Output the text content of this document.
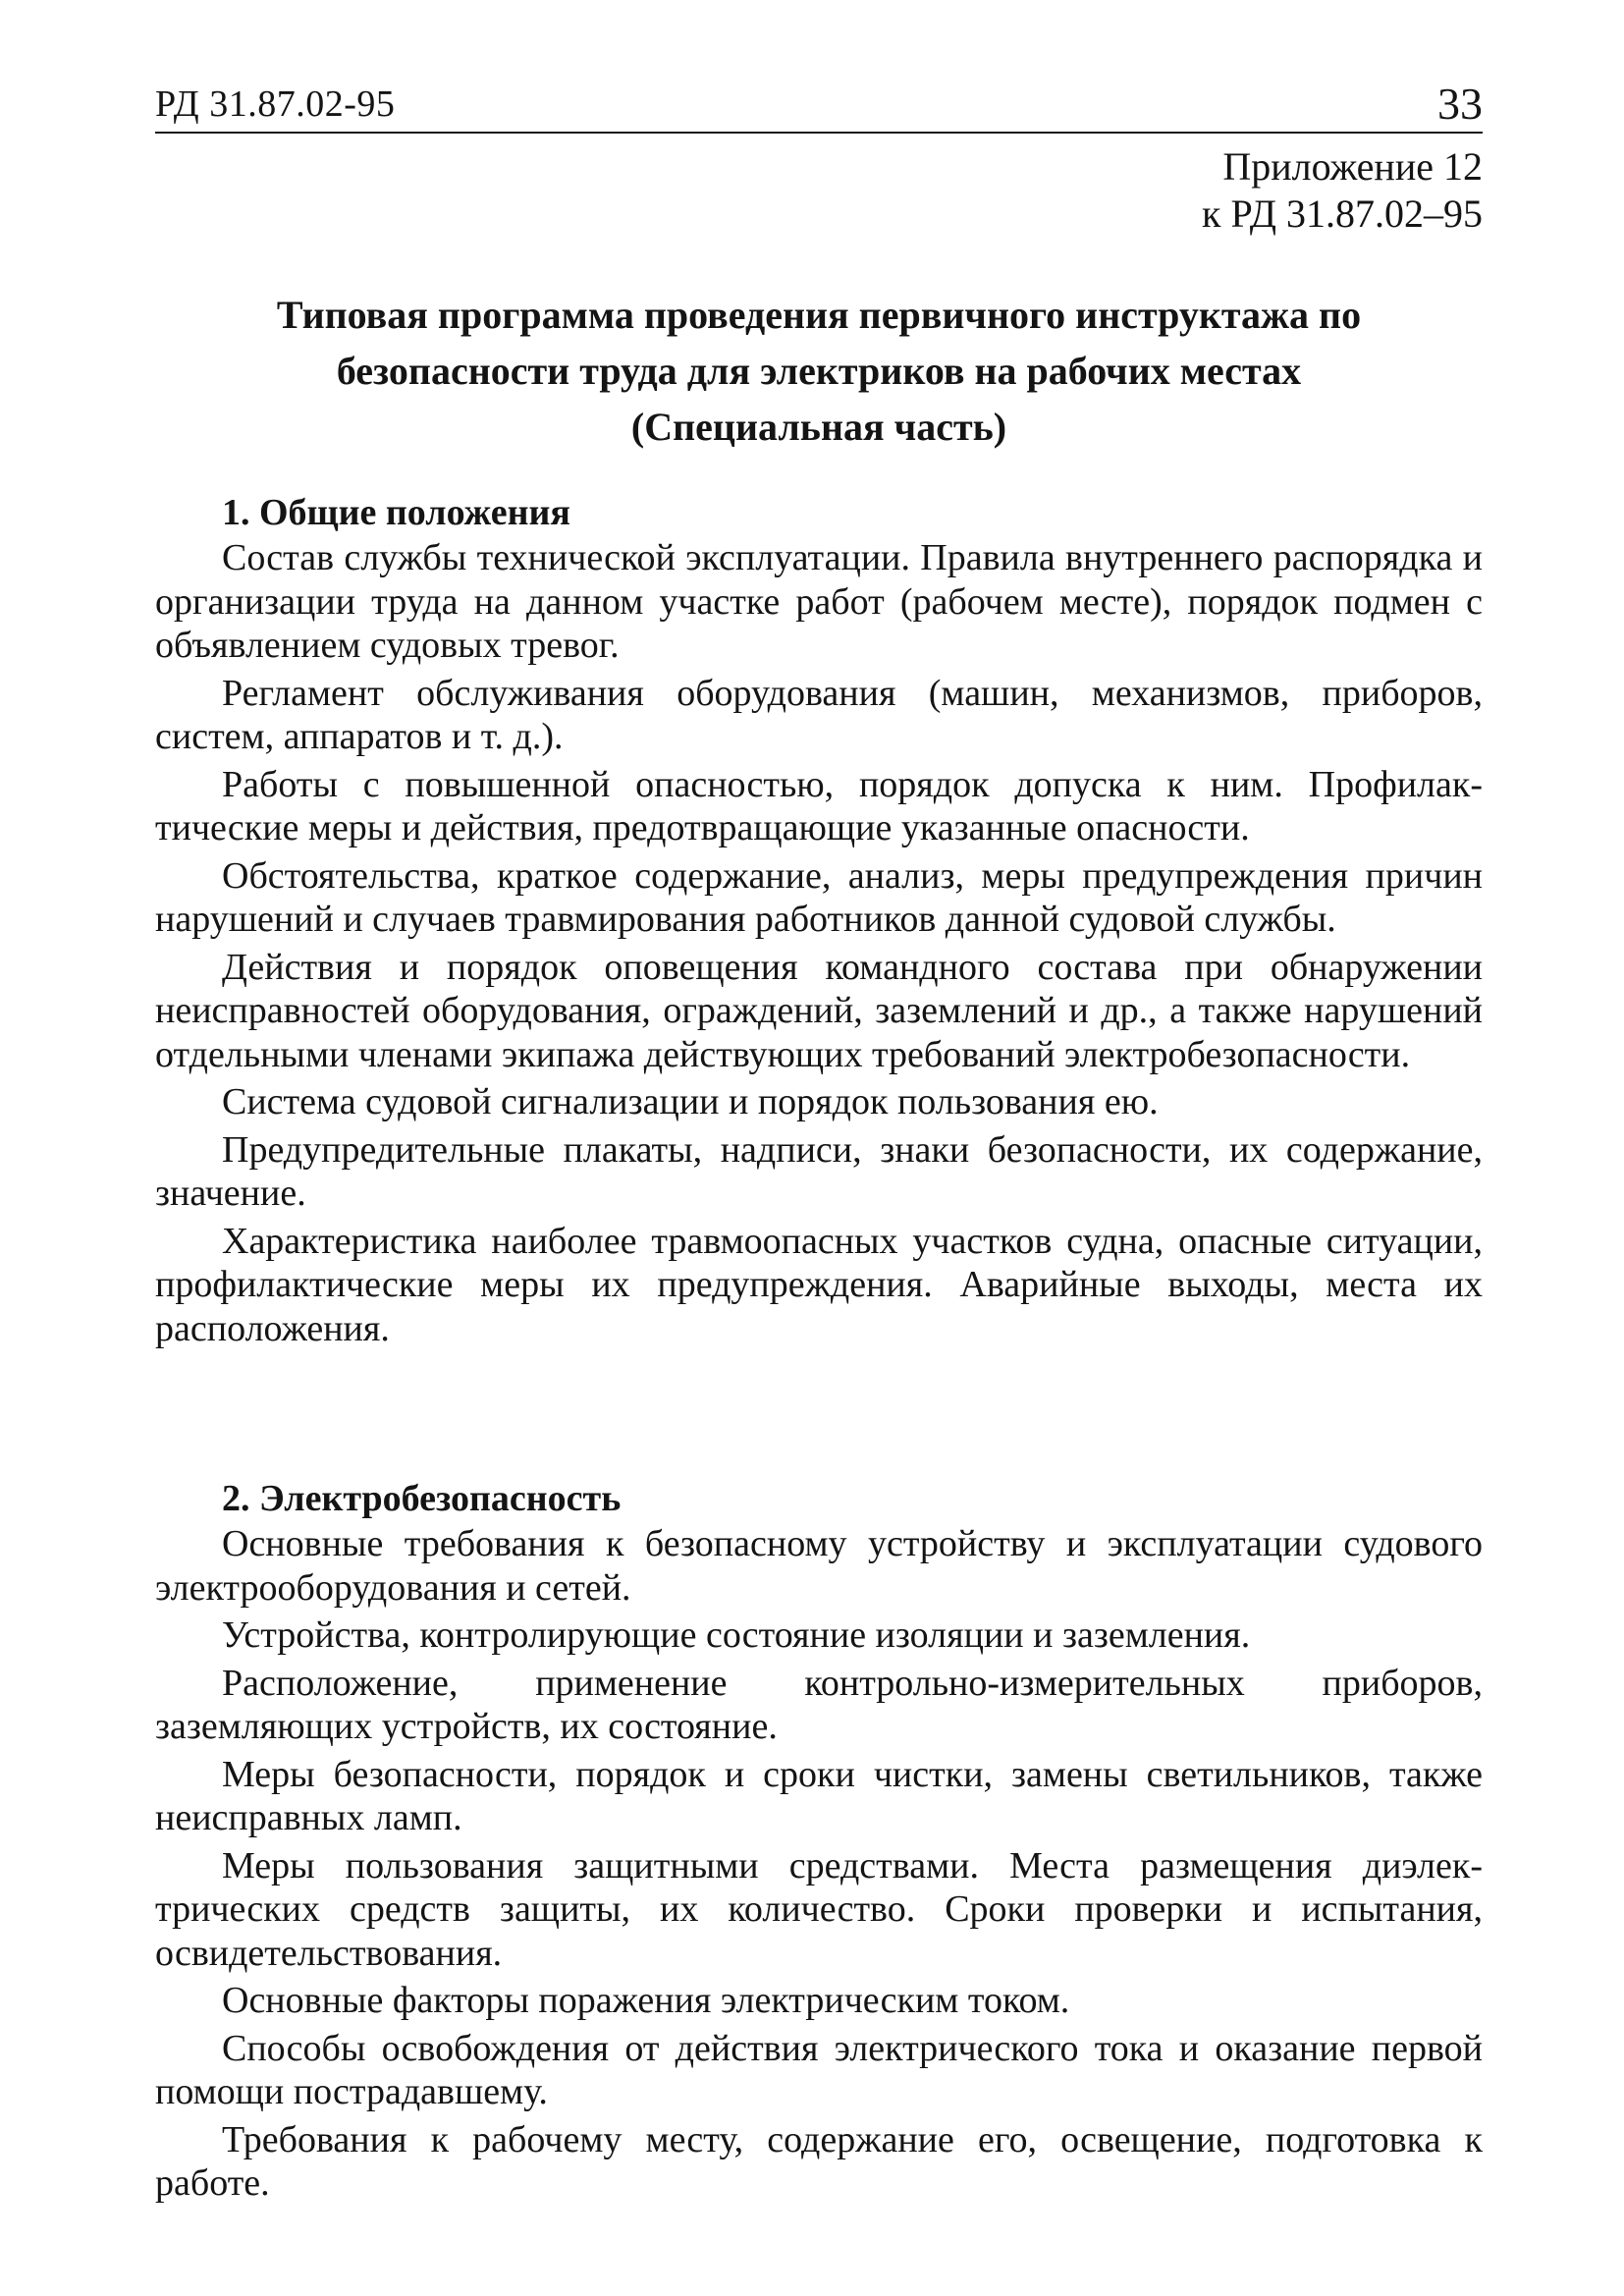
РД 31.87.02-95	33
Приложение 12
к РД 31.87.02–95
Типовая программа проведения первичного инструктажа по
безопасности труда для электриков на рабочих местах
(Специальная часть)
1. Общие положения

Состав службы технической эксплуатации. Правила внутреннего распорядка и организации труда на данном участке работ (рабочем месте), порядок подмен с объявлением судовых тревог.

Регламент обслуживания оборудования (машин, механизмов, приборов, систем, аппаратов и т. д.).

Работы с повышенной опасностью, порядок допуска к ним. Профилактические меры и действия, предотвращающие указанные опасности.

Обстоятельства, краткое содержание, анализ, меры предупреждения причин нарушений и случаев травмирования работников данной судовой службы.

Действия и порядок оповещения командного состава при обнаружении неисправностей оборудования, ограждений, заземлений и др., а также нарушений отдельными членами экипажа действующих требований электробезопасности.

Система судовой сигнализации и порядок пользования ею.

Предупредительные плакаты, надписи, знаки безопасности, их содержание, значение.

Характеристика наиболее травмоопасных участков судна, опасные ситуации, профилактические меры их предупреждения. Аварийные выходы, места их расположения.

2. Электробезопасность

Основные требования к безопасному устройству и эксплуатации судового электрооборудования и сетей.

Устройства, контролирующие состояние изоляции и заземления.

Расположение, применение контрольно-измерительных приборов, заземляющих устройств, их состояние.

Меры безопасности, порядок и сроки чистки, замены светильников, также неисправных ламп.

Меры пользования защитными средствами. Места размещения диэлектрических средств защиты, их количество. Сроки проверки и испытания, освидетельствования.

Основные факторы поражения электрическим током.

Способы освобождения от действия электрического тока и оказание первой помощи пострадавшему.

Требования к рабочему месту, содержание его, освещение, подготовка к работе.
